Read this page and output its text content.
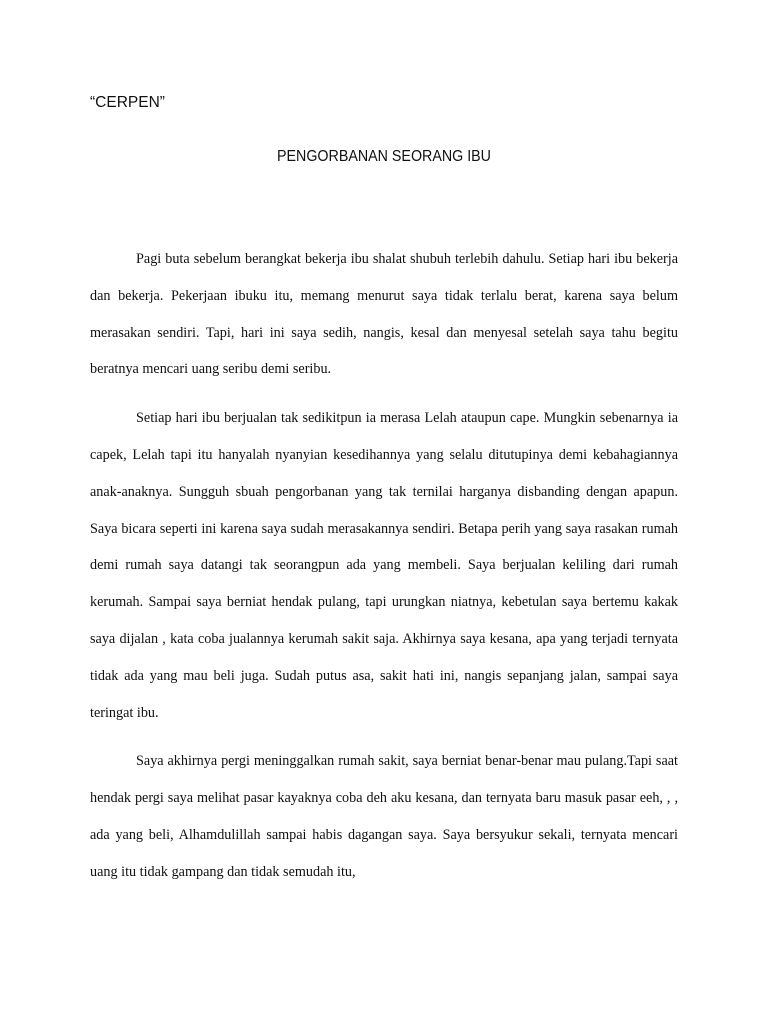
“CERPEN”
PENGORBANAN SEORANG IBU

Pagi buta sebelum berangkat bekerja ibu shalat shubuh terlebih dahulu. Setiap hari ibu bekerja dan bekerja. Pekerjaan ibuku itu, memang menurut saya tidak terlalu berat, karena saya belum merasakan sendiri. Tapi, hari ini saya sedih, nangis, kesal dan menyesal setelah saya tahu begitu beratnya mencari uang seribu demi seribu.

Setiap hari ibu berjualan tak sedikitpun ia merasa Lelah ataupun cape. Mungkin sebenarnya ia capek, Lelah tapi itu hanyalah nyanyian kesedihannya yang selalu ditutupinya demi kebahagiannya anak-anaknya. Sungguh sbuah pengorbanan yang tak ternilai harganya disbanding dengan apapun. Saya bicara seperti ini karena saya sudah merasakannya sendiri. Betapa perih yang saya rasakan rumah demi rumah saya datangi tak seorangpun ada yang membeli. Saya berjualan keliling dari rumah kerumah. Sampai saya berniat hendak pulang, tapi urungkan niatnya, kebetulan saya bertemu kakak saya dijalan , kata coba jualannya kerumah sakit saja. Akhirnya saya kesana, apa yang terjadi ternyata tidak ada yang mau beli juga. Sudah putus asa, sakit hati ini, nangis sepanjang jalan, sampai saya teringat ibu.

Saya akhirnya pergi meninggalkan rumah sakit, saya berniat benar-benar mau pulang.Tapi saat hendak pergi saya melihat pasar kayaknya coba deh aku kesana, dan ternyata baru masuk pasar eeh, , , ada yang beli, Alhamdulillah sampai habis dagangan saya. Saya bersyukur sekali, ternyata mencari uang itu tidak gampang dan tidak semudah itu,
